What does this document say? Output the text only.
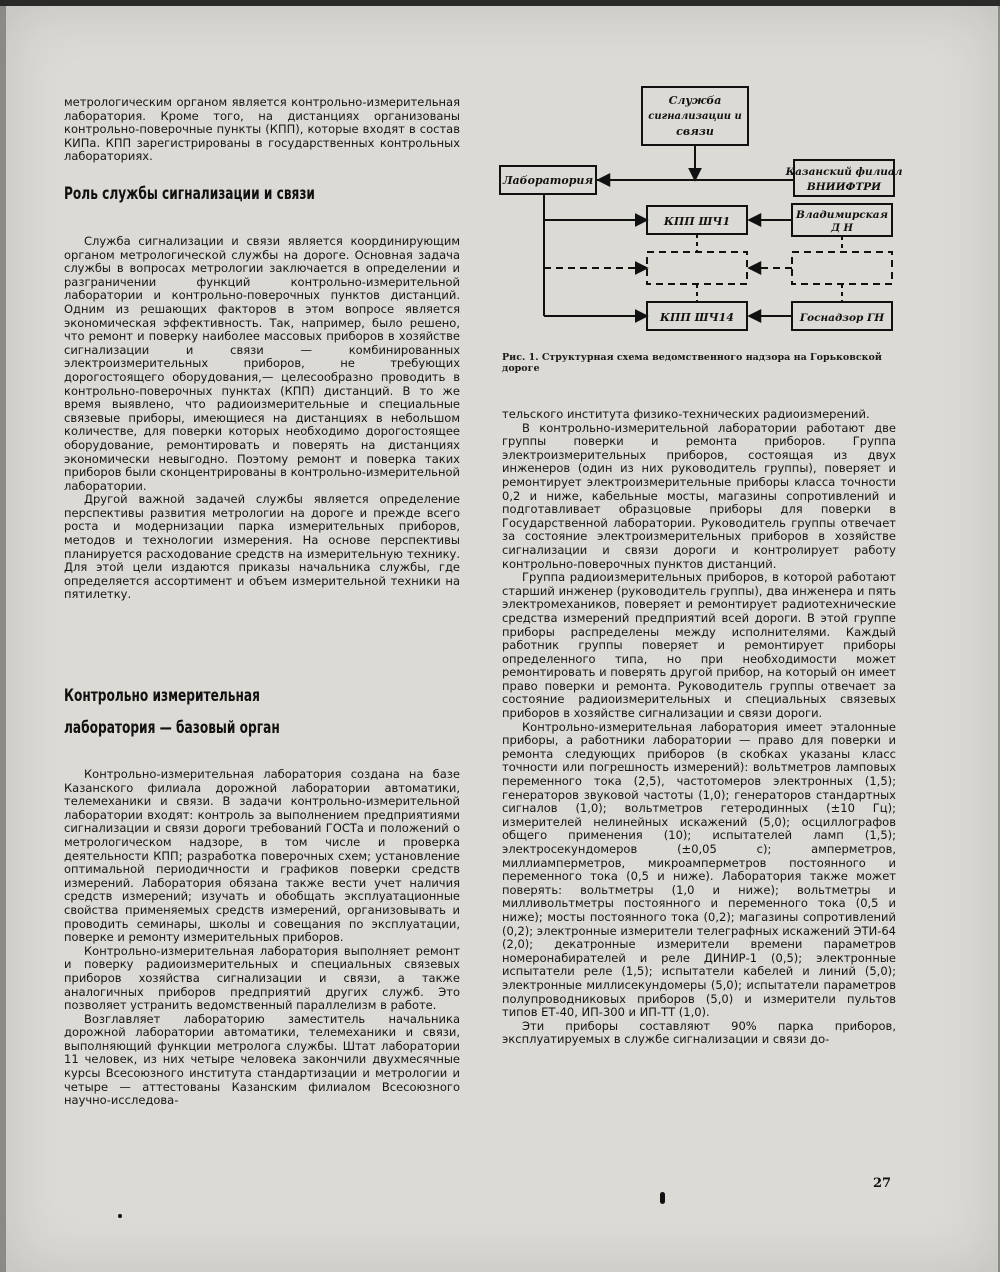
метрологическим органом является контрольно-измерительная лаборатория. Кроме того, на дистанциях организованы контрольно-поверочные пункты (КПП), которые входят в состав КИПа. КПП зарегистрированы в государственных контрольных лабораториях.

Роль службы сигнализации и связи

Служба сигнализации и связи является координирующим органом метрологической службы на дороге. Основная задача службы в вопросах метрологии заключается в определении и разграничении функций контрольно-измерительной лаборатории и контрольно-поверочных пунктов дистанций. Одним из решающих факторов в этом вопросе является экономическая эффективность. Так, например, было решено, что ремонт и поверку наиболее массовых приборов в хозяйстве сигнализации и связи — комбинированных электроизмерительных приборов, не требующих дорогостоящего оборудования,— целесообразно проводить в контрольно-поверочных пунктах (КПП) дистанций. В то же время выявлено, что радиоизмерительные и специальные связевые приборы, имеющиеся на дистанциях в небольшом количестве, для поверки которых необходимо дорогостоящее оборудование, ремонтировать и поверять на дистанциях экономически невыгодно. Поэтому ремонт и поверка таких приборов были сконцентрированы в контрольно-измерительной лаборатории.

Другой важной задачей службы является определение перспективы развития метрологии на дороге и прежде всего роста и модернизации парка измерительных приборов, методов и технологии измерения. На основе перспективы планируется расходование средств на измерительную технику. Для этой цели издаются приказы начальника службы, где определяется ассортимент и объем измерительной техники на пятилетку.

Контрольно измерительная
лаборатория — базовый орган

Контрольно-измерительная лаборатория создана на базе Казанского филиала дорожной лаборатории автоматики, телемеханики и связи. В задачи контрольно-измерительной лаборатории входят: контроль за выполнением предприятиями сигнализации и связи дороги требований ГОСТа и положений о метрологическом надзоре, в том числе и проверка деятельности КПП; разработка поверочных схем; установление оптимальной периодичности и графиков поверки средств измерений. Лаборатория обязана также вести учет наличия средств измерений; изучать и обобщать эксплуатационные свойства применяемых средств измерений, организовывать и проводить семинары, школы и совещания по эксплуатации, поверке и ремонту измерительных приборов.

Контрольно-измерительная лаборатория выполняет ремонт и поверку радиоизмерительных и специальных связевых приборов хозяйства сигнализации и связи, а также аналогичных приборов предприятий других служб. Это позволяет устранить ведомственный параллелизм в работе.

Возглавляет лабораторию заместитель начальника дорожной лаборатории автоматики, телемеханики и связи, выполняющий функции метролога службы. Штат лаборатории 11 человек, из них четыре человека закончили двухмесячные курсы Всесоюзного института стандартизации и метрологии и четыре — аттестованы Казанским филиалом Всесоюзного научно-исследова-

Служба
сигнализации и
связи
Лаборатория
Казанский филиал
ВНИИФТРИ
КПП ШЧ1	Владимирская
Д Н
КПП ШЧ14	Госнадзор ГН
Рис. 1. Структурная схема ведомственного надзора на Горьковской дороге

тельского института физико-технических радиоизмерений.

В контрольно-измерительной лаборатории работают две группы поверки и ремонта приборов. Группа электроизмерительных приборов, состоящая из двух инженеров (один из них руководитель группы), поверяет и ремонтирует электроизмерительные приборы класса точности 0,2 и ниже, кабельные мосты, магазины сопротивлений и подготавливает образцовые приборы для поверки в Государственной лаборатории. Руководитель группы отвечает за состояние электроизмерительных приборов в хозяйстве сигнализации и связи дороги и контролирует работу контрольно-поверочных пунктов дистанций.

Группа радиоизмерительных приборов, в которой работают старший инженер (руководитель группы), два инженера и пять электромехаников, поверяет и ремонтирует радиотехнические средства измерений предприятий всей дороги. В этой группе приборы распределены между исполнителями. Каждый работник группы поверяет и ремонтирует приборы определенного типа, но при необходимости может ремонтировать и поверять другой прибор, на который он имеет право поверки и ремонта. Руководитель группы отвечает за состояние радиоизмерительных и специальных связевых приборов в хозяйстве сигнализации и связи дороги.

Контрольно-измерительная лаборатория имеет эталонные приборы, а работники лаборатории — право для поверки и ремонта следующих приборов (в скобках указаны класс точности или погрешность измерений): вольтметров ламповых переменного тока (2,5), частотомеров электронных (1,5); генераторов звуковой частоты (1,0); генераторов стандартных сигналов (1,0); вольтметров гетеродинных (±10 Гц); измерителей нелинейных искажений (5,0); осциллографов общего применения (10); испытателей ламп (1,5); электросекундомеров (±0,05 с); амперметров, миллиамперметров, микроамперметров постоянного и переменного тока (0,5 и ниже). Лаборатория также может поверять: вольтметры (1,0 и ниже); вольтметры и милливольтметры постоянного и переменного тока (0,5 и ниже); мосты постоянного тока (0,2); магазины сопротивлений (0,2); электронные измерители телеграфных искажений ЭТИ-64 (2,0); декатронные измерители времени параметров номеронабирателей и реле ДИНИР-1 (0,5); электронные испытатели реле (1,5); испытатели кабелей и линий (5,0); электронные миллисекундомеры (5,0); испытатели параметров полупроводниковых приборов (5,0) и измерители пультов типов ЕТ-40, ИП-300 и ИП-ТТ (1,0).

Эти приборы составляют 90% парка приборов, эксплуатируемых в службе сигнализации и связи до-

27
